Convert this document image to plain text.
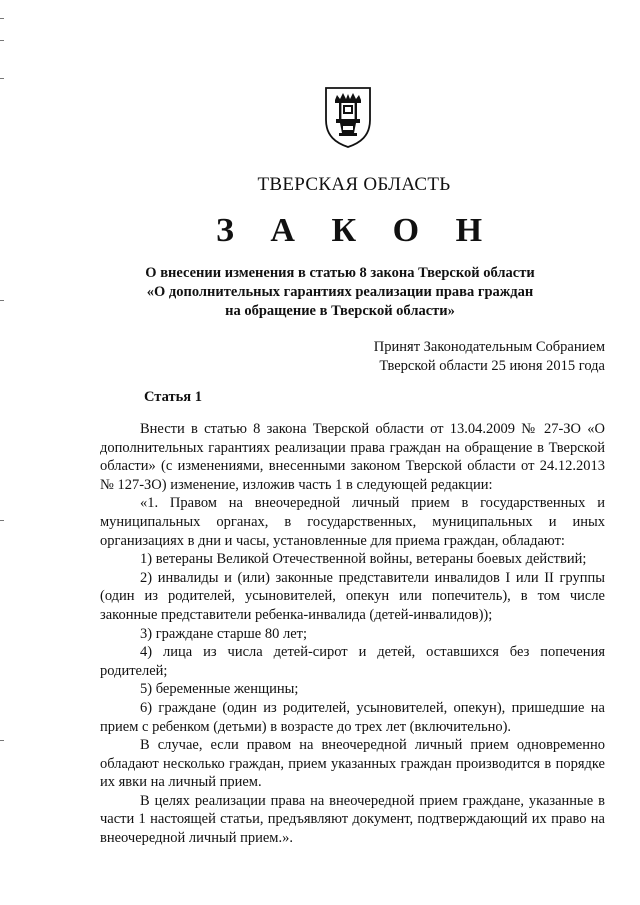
ТВЕРСКАЯ ОБЛАСТЬ
З А К О Н
О внесении изменения в статью 8 закона Тверской области
«О дополнительных гарантиях реализации права граждан
на обращение в Тверской области»
Принят Законодательным Собранием
Тверской области 25 июня 2015 года
Статья 1

Внести в статью 8 закона Тверской области от 13.04.2009 № 27-ЗО «О дополнительных гарантиях реализации права граждан на обращение в Тверской области» (с изменениями, внесенными законом Тверской области от 24.12.2013 № 127-ЗО) изменение, изложив часть 1 в следующей редакции:

«1. Правом на внеочередной личный прием в государственных и муниципальных органах, в государственных, муниципальных и иных организациях в дни и часы, установленные для приема граждан, обладают:

1) ветераны Великой Отечественной войны, ветераны боевых действий;

2) инвалиды и (или) законные представители инвалидов I или II группы (один из родителей, усыновителей, опекун или попечитель), в том числе законные представители ребенка-инвалида (детей-инвалидов));

3) граждане старше 80 лет;

4) лица из числа детей-сирот и детей, оставшихся без попечения родителей;

5) беременные женщины;

6) граждане (один из родителей, усыновителей, опекун), пришедшие на прием с ребенком (детьми) в возрасте до трех лет (включительно).

В случае, если правом на внеочередной личный прием одновременно обладают несколько граждан, прием указанных граждан производится в порядке их явки на личный прием.

В целях реализации права на внеочередной прием граждане, указанные в части 1 настоящей статьи, предъявляют документ, подтверждающий их право на внеочередной личный прием.».
